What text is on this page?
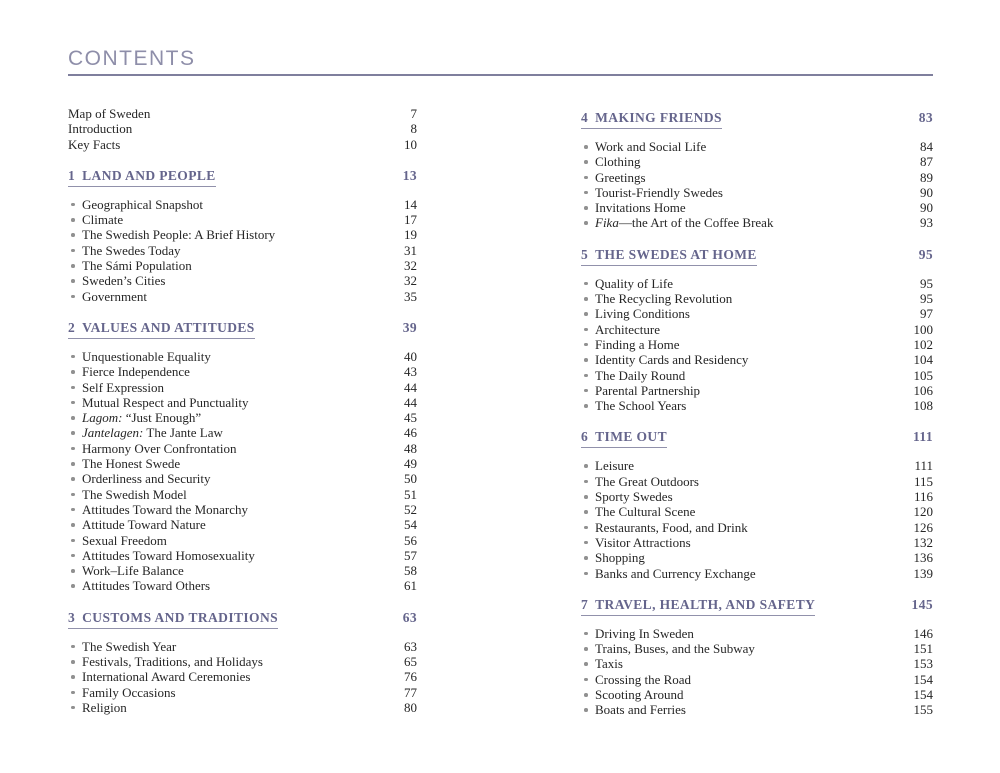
CONTENTS
Map of Sweden	7
Introduction	8
Key Facts	10
1 LAND AND PEOPLE	13
Geographical Snapshot	14
Climate	17
The Swedish People: A Brief History	19
The Swedes Today	31
The Sámi Population	32
Sweden’s Cities	32
Government	35
2 VALUES AND ATTITUDES	39
Unquestionable Equality	40
Fierce Independence	43
Self Expression	44
Mutual Respect and Punctuality	44
Lagom: “Just Enough”	45
Jantelagen: The Jante Law	46
Harmony Over Confrontation	48
The Honest Swede	49
Orderliness and Security	50
The Swedish Model	51
Attitudes Toward the Monarchy	52
Attitude Toward Nature	54
Sexual Freedom	56
Attitudes Toward Homosexuality	57
Work–Life Balance	58
Attitudes Toward Others	61
3 CUSTOMS AND TRADITIONS	63
The Swedish Year	63
Festivals, Traditions, and Holidays	65
International Award Ceremonies	76
Family Occasions	77
Religion	80
4 MAKING FRIENDS	83
Work and Social Life	84
Clothing	87
Greetings	89
Tourist-Friendly Swedes	90
Invitations Home	90
Fika—the Art of the Coffee Break	93
5 THE SWEDES AT HOME	95
Quality of Life	95
The Recycling Revolution	95
Living Conditions	97
Architecture	100
Finding a Home	102
Identity Cards and Residency	104
The Daily Round	105
Parental Partnership	106
The School Years	108
6 TIME OUT	111
Leisure	111
The Great Outdoors	115
Sporty Swedes	116
The Cultural Scene	120
Restaurants, Food, and Drink	126
Visitor Attractions	132
Shopping	136
Banks and Currency Exchange	139
7 TRAVEL, HEALTH, AND SAFETY	145
Driving In Sweden	146
Trains, Buses, and the Subway	151
Taxis	153
Crossing the Road	154
Scooting Around	154
Boats and Ferries	155
